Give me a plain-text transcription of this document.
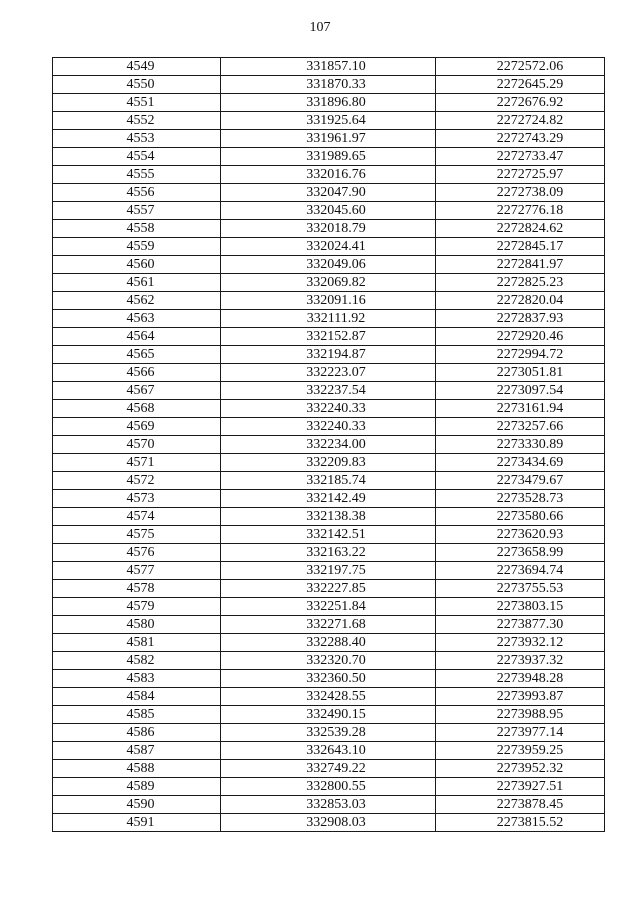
107
4549	331857.10	2272572.06
4550	331870.33	2272645.29
4551	331896.80	2272676.92
4552	331925.64	2272724.82
4553	331961.97	2272743.29
4554	331989.65	2272733.47
4555	332016.76	2272725.97
4556	332047.90	2272738.09
4557	332045.60	2272776.18
4558	332018.79	2272824.62
4559	332024.41	2272845.17
4560	332049.06	2272841.97
4561	332069.82	2272825.23
4562	332091.16	2272820.04
4563	332111.92	2272837.93
4564	332152.87	2272920.46
4565	332194.87	2272994.72
4566	332223.07	2273051.81
4567	332237.54	2273097.54
4568	332240.33	2273161.94
4569	332240.33	2273257.66
4570	332234.00	2273330.89
4571	332209.83	2273434.69
4572	332185.74	2273479.67
4573	332142.49	2273528.73
4574	332138.38	2273580.66
4575	332142.51	2273620.93
4576	332163.22	2273658.99
4577	332197.75	2273694.74
4578	332227.85	2273755.53
4579	332251.84	2273803.15
4580	332271.68	2273877.30
4581	332288.40	2273932.12
4582	332320.70	2273937.32
4583	332360.50	2273948.28
4584	332428.55	2273993.87
4585	332490.15	2273988.95
4586	332539.28	2273977.14
4587	332643.10	2273959.25
4588	332749.22	2273952.32
4589	332800.55	2273927.51
4590	332853.03	2273878.45
4591	332908.03	2273815.52
